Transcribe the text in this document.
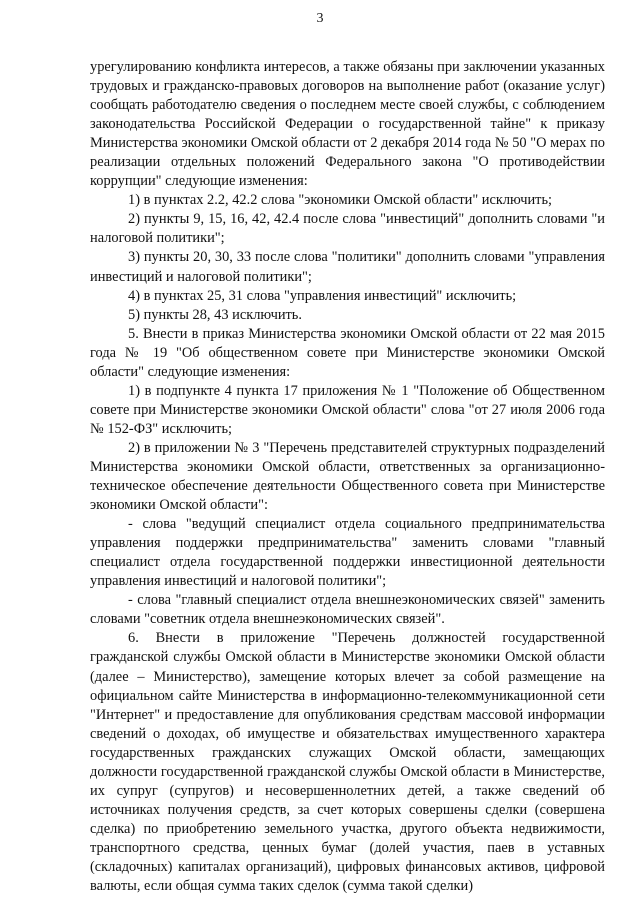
3

урегулированию конфликта интересов, а также обязаны при заключении указанных трудовых и гражданско-правовых договоров на выполнение работ (оказание услуг) сообщать работодателю сведения о последнем месте своей службы, с соблюдением законодательства Российской Федерации о государственной тайне" к приказу Министерства экономики Омской области от 2 декабря 2014 года № 50 "О мерах по реализации отдельных положений Федерального закона "О противодействии коррупции" следующие изменения:

1) в пунктах 2.2, 42.2 слова "экономики Омской области" исключить;

2) пункты 9, 15, 16, 42, 42.4 после слова "инвестиций" дополнить словами "и налоговой политики";

3) пункты 20, 30, 33 после слова "политики" дополнить словами "управления инвестиций и налоговой политики";

4) в пунктах 25, 31 слова "управления инвестиций" исключить;

5) пункты 28, 43 исключить.

5. Внести в приказ Министерства экономики Омской области от 22 мая 2015 года № 19 "Об общественном совете при Министерстве экономики Омской области" следующие изменения:

1) в подпункте 4 пункта 17 приложения № 1 "Положение об Общественном совете при Министерстве экономики Омской области" слова "от 27 июля 2006 года № 152-ФЗ" исключить;

2) в приложении № 3 "Перечень представителей структурных подразделений Министерства экономики Омской области, ответственных за организационно-техническое обеспечение деятельности Общественного совета при Министерстве экономики Омской области":

- слова "ведущий специалист отдела социального предпринимательства управления поддержки предпринимательства" заменить словами "главный специалист отдела государственной поддержки инвестиционной деятельности управления инвестиций и налоговой политики";

- слова "главный специалист отдела внешнеэкономических связей" заменить словами "советник отдела внешнеэкономических связей".

6. Внести в приложение "Перечень должностей государственной гражданской службы Омской области в Министерстве экономики Омской области (далее – Министерство), замещение которых влечет за собой размещение на официальном сайте Министерства в информационно-телекоммуникационной сети "Интернет" и предоставление для опубликования средствам массовой информации сведений о доходах, об имуществе и обязательствах имущественного характера государственных гражданских служащих Омской области, замещающих должности государственной гражданской службы Омской области в Министерстве, их супруг (супругов) и несовершеннолетних детей, а также сведений об источниках получения средств, за счет которых совершены сделки (совершена сделка) по приобретению земельного участка, другого объекта недвижимости, транспортного средства, ценных бумаг (долей участия, паев в уставных (складочных) капиталах организаций), цифровых финансовых активов, цифровой валюты, если общая сумма таких сделок (сумма такой сделки)
